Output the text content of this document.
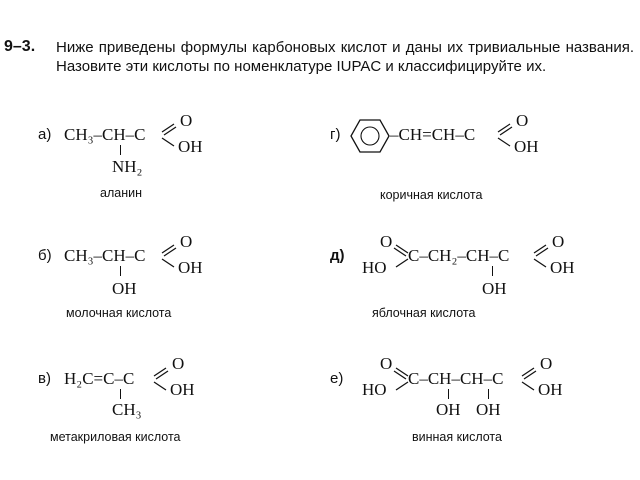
9–3. Ниже приведены формулы карбоновых кислот и даны их тривиальные названия. Назовите эти кислоты по номенклатуре IUPAC и классифицируйте их.
а) CH₃–CH–C
O
OH
NH₂
аланин
б) CH₃–CH–C
O
OH
OH
молочная кислота
в) H₂C=C–C
O
OH
CH₃
метакриловая кислота
г)	–CH=CH–C
O
OH
коричная кислота
д)
O
HO
C–CH₂–CH–C
O
OH
OH
яблочная кислота
е)
O
HO
C–CH–CH–C
O
OH
OH OH
винная кислота
